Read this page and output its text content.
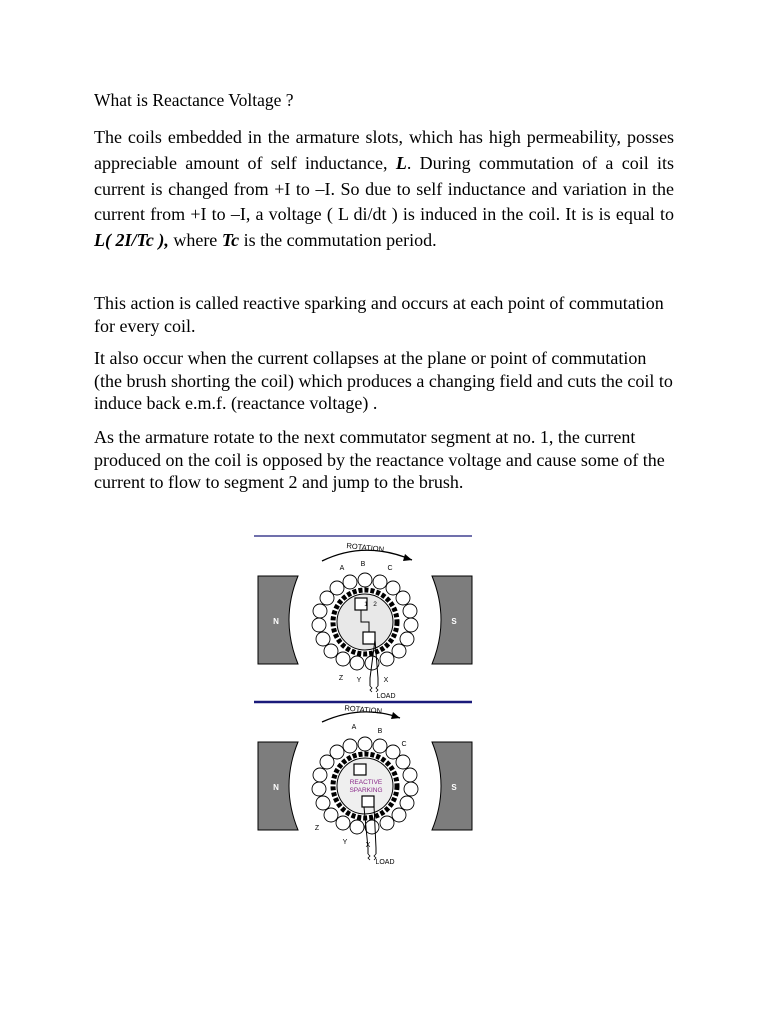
What is Reactance Voltage ?

The coils embedded in the armature slots, which has high permeability, posses appreciable amount of self inductance, L. During commutation of a coil its current is changed from +I to –I. So due to self inductance and variation in the current from +I to –I, a voltage ( L di/dt ) is induced in the coil. It is is equal to L( 2I/Tc ), where Tc is the commutation period.

This action is called reactive sparking and occurs at each point of commutation for every coil.

It also occur when the current collapses at the plane or point of commutation (the brush shorting the coil) which produces a changing field and cuts the coil to induce back e.m.f. (reactance voltage) .

As the armature rotate to the next commutator segment at no. 1, the current produced on the coil is opposed by the reactance voltage and cause some of the current to flow to segment 2 and jump to the brush.

ROTATION
N	S
1 2
A
B
C
Z Y	X
LOAD
ROTATION
N	S
REACTIVE
SPARKING
A
B
C
Z
Y	X
LOAD
